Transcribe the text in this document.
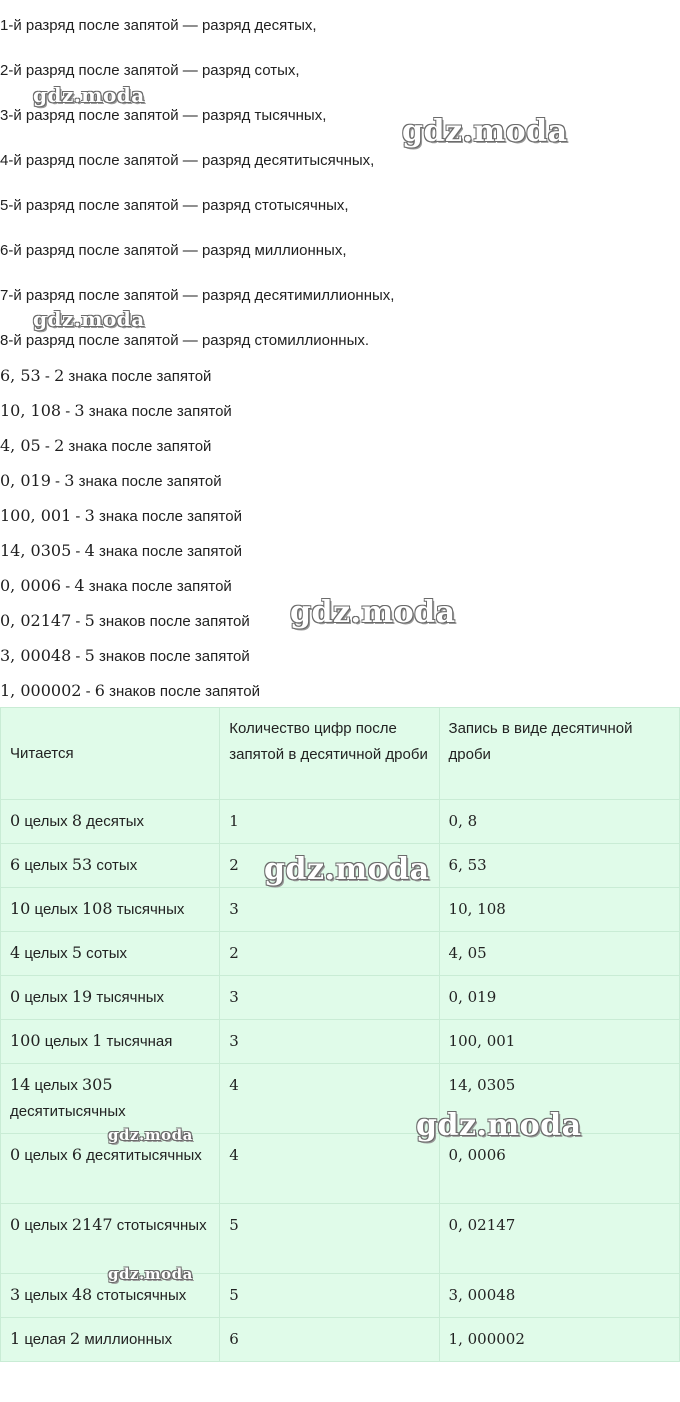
1-й разряд после запятой — разряд десятых,
2-й разряд после запятой — разряд сотых,
3-й разряд после запятой — разряд тысячных,
4-й разряд после запятой — разряд десятитысячных,
5-й разряд после запятой — разряд стотысячных,
6-й разряд после запятой — разряд миллионных,
7-й разряд после запятой — разряд десятимиллионных,
8-й разряд после запятой — разряд стомиллионных.
6, 53 - 2 знака после запятой
10, 108 - 3 знака после запятой
4, 05 - 2 знака после запятой
0, 019 - 3 знака после запятой
100, 001 - 3 знака после запятой
14, 0305 - 4 знака после запятой
0, 0006 - 4 знака после запятой
0, 02147 - 5 знаков после запятой
3, 00048 - 5 знаков после запятой
1, 000002 - 6 знаков после запятой
Читается	Количество цифр после запятой в десятичной дроби	Запись в виде десятичной дроби
0 целых 8 десятых	1	0, 8
6 целых 53 сотых	2	6, 53
10 целых 108 тысячных	3	10, 108
4 целых 5 сотых	2	4, 05
0 целых 19 тысячных	3	0, 019
100 целых 1 тысячная	3	100, 001
14 целых 305 десятитысячных	4	14, 0305
0 целых 6 десятитысячных	4	0, 0006
0 целых 2147 стотысячных	5	0, 02147
3 целых 48 стотысячных	5	3, 00048
1 целая 2 миллионных	6	1, 000002
gdz.moda
gdz.moda
gdz.moda
gdz.moda
gdz.moda
gdz.moda
gdz.moda
gdz.moda
